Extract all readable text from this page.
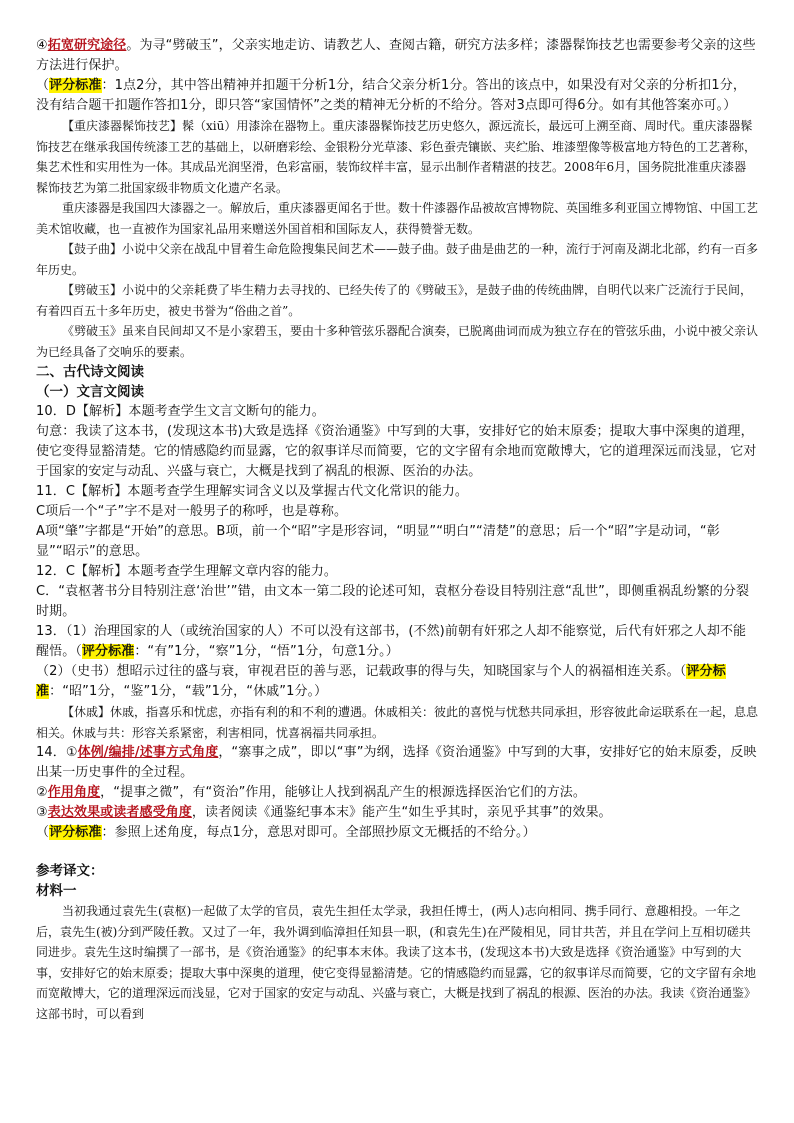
④拓宽研究途径。为寻“劈破玉”，父亲实地走访、请教艺人、查阅古籍，研究方法多样；漆器髹饰技艺也需要参考父亲的这些方法进行保护。

（评分标准：1点2分，其中答出精神并扣题干分析1分，结合父亲分析1分。答出的该点中，如果没有对父亲的分析扣1分，没有结合题干扣题作答扣1分，即只答“家国情怀”之类的精神无分析的不给分。答对3点即可得6分。如有其他答案亦可。）

【重庆漆器髹饰技艺】髹（xiū）用漆涂在器物上。重庆漆器髹饰技艺历史悠久，源远流长，最远可上溯至商、周时代。重庆漆器髹饰技艺在继承我国传统漆工艺的基础上，以研磨彩绘、金银粉分光草漆、彩色蚕壳镶嵌、夹纻胎、堆漆塑像等极富地方特色的工艺著称，集艺术性和实用性为一体。其成品光润坚滑，色彩富丽，装饰纹样丰富，显示出制作者精湛的技艺。2008年6月，国务院批准重庆漆器髹饰技艺为第二批国家级非物质文化遗产名录。

重庆漆器是我国四大漆器之一。解放后，重庆漆器更闻名于世。数十件漆器作品被故宫博物院、英国维多利亚国立博物馆、中国工艺美术馆收藏，也一直被作为国家礼品用来赠送外国首相和国际友人，获得赞誉无数。

【鼓子曲】小说中父亲在战乱中冒着生命危险搜集民间艺术——鼓子曲。鼓子曲是曲艺的一种，流行于河南及湖北北部，约有一百多年历史。

【劈破玉】小说中的父亲耗费了毕生精力去寻找的、已经失传了的《劈破玉》，是鼓子曲的传统曲牌，自明代以来广泛流行于民间，有着四百五十多年历史，被史书誉为“俗曲之首”。

《劈破玉》虽来自民间却又不是小家碧玉，要由十多种管弦乐器配合演奏，已脱离曲词而成为独立存在的管弦乐曲，小说中被父亲认为已经具备了交响乐的要素。

二、古代诗文阅读

（一）文言文阅读

10．D【解析】本题考查学生文言文断句的能力。

句意：我读了这本书，(发现这本书)大致是选择《资治通鉴》中写到的大事，安排好它的始末原委；提取大事中深奥的道理，使它变得显豁清楚。它的情感隐约而显露，它的叙事详尽而简要，它的文字留有余地而宽敞博大，它的道理深远而浅显，它对于国家的安定与动乱、兴盛与衰亡，大概是找到了祸乱的根源、医治的办法。

11．C【解析】本题考查学生理解实词含义以及掌握古代文化常识的能力。

C项后一个“子”字不是对一般男子的称呼，也是尊称。

A项“肇”字都是“开始”的意思。B项，前一个“昭”字是形容词，“明显”“明白”“清楚”的意思；后一个“昭”字是动词，“彰显”“昭示”的意思。

12．C【解析】本题考查学生理解文章内容的能力。

C．“袁枢著书分目特别注意‘治世’”错，由文本一第二段的论述可知，袁枢分卷设目特别注意“乱世”，即侧重祸乱纷繁的分裂时期。

13．（1）治理国家的人（或统治国家的人）不可以没有这部书，(不然)前朝有奸邪之人却不能察觉，后代有奸邪之人却不能醒悟。（评分标准：“有”1分，“察”1分，“悟”1分，句意1分。）

（2）（史书）想昭示过往的盛与衰，审视君臣的善与恶，记载政事的得与失，知晓国家与个人的祸福相连关系。（评分标准：“昭”1分，“鉴”1分，“载”1分，“休戚”1分。）

【休戚】休戚，指喜乐和忧虑，亦指有利的和不利的遭遇。休戚相关：彼此的喜悦与忧愁共同承担，形容彼此命运联系在一起，息息相关。休戚与共：形容关系紧密，利害相同，忧喜祸福共同承担。

14．①体例/编排/述事方式角度，“寨事之成”，即以“事”为纲，选择《资治通鉴》中写到的大事，安排好它的始末原委，反映出某一历史事件的全过程。

②作用角度，“提事之微”，有“资治”作用，能够让人找到祸乱产生的根源选择医治它们的方法。

③表达效果或读者感受角度，读者阅读《通鉴纪事本末》能产生“如生乎其时，亲见乎其事”的效果。

（评分标准：参照上述角度，每点1分，意思对即可。全部照抄原文无概括的不给分。）

参考译文：

材料一

当初我通过袁先生(袁枢)一起做了太学的官员，袁先生担任太学录，我担任博士，(两人)志向相同、携手同行、意趣相投。一年之后，袁先生(被)分到严陵任教。又过了一年，我外调到临漳担任知县一职，(和袁先生)在严陵相见，同甘共苦，并且在学问上互相切磋共同进步。袁先生这时编撰了一部书，是《资治通鉴》的纪事本末体。我读了这本书，(发现这本书)大致是选择《资治通鉴》中写到的大事，安排好它的始末原委；提取大事中深奥的道理，使它变得显豁清楚。它的情感隐约而显露，它的叙事详尽而简要，它的文字留有余地而宽敞博大，它的道理深远而浅显，它对于国家的安定与动乱、兴盛与衰亡，大概是找到了祸乱的根源、医治的办法。我读《资治通鉴》这部书时，可以看到
